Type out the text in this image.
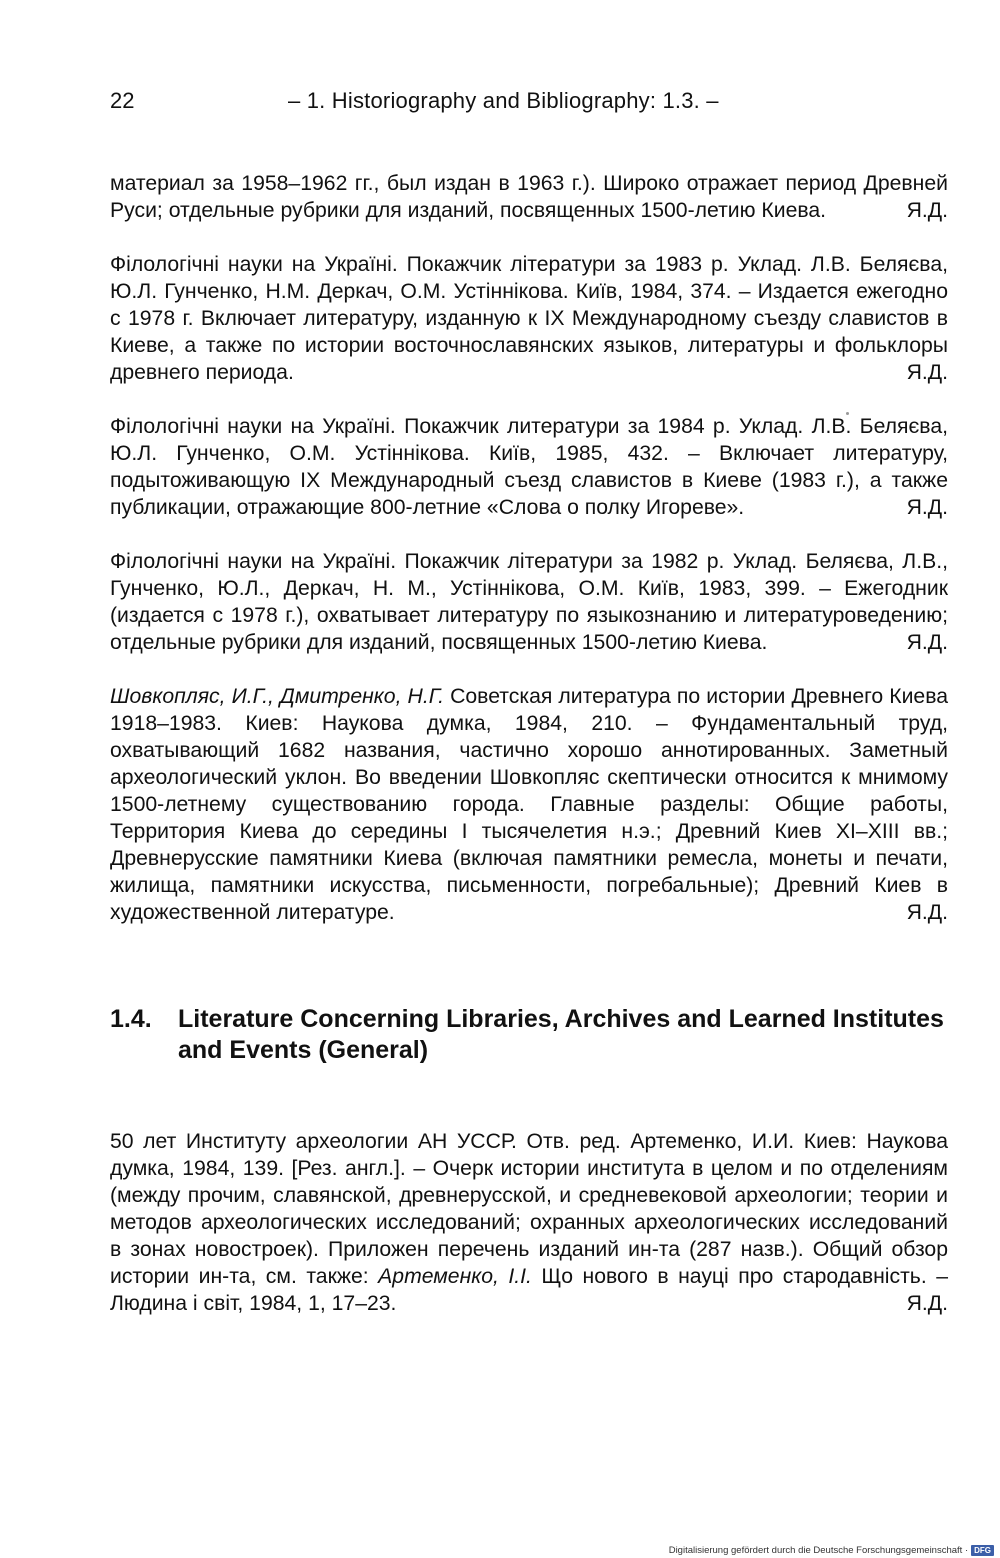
22	– 1. Historiography and Bibliography: 1.3. –

материал за 1958–1962 гг., был издан в 1963 г.). Широко отражает период Древней Руси; отдельные рубрики для изданий, посвященных 1500-летию Киева.	Я.Д.

Філологічні науки на Україні. Покажчик літератури за 1983 р. Уклад. Л.В. Беляєва, Ю.Л. Гунченко, Н.М. Деркач, О.М. Устіннікова. Київ, 1984, 374. – Издается ежегодно с 1978 г. Включает литературу, изданную к IX Международному съезду славистов в Киеве, а также по истории восточнославянских языков, литературы и фольклоры древнего периода.	Я.Д.

Філологічні науки на Україні. Покажчик литератури за 1984 р. Уклад. Л.В. Беляєва, Ю.Л. Гунченко, О.М. Устіннікова. Київ, 1985, 432. – Включает литературу, подытоживающую IX Международный съезд славистов в Киеве (1983 г.), а также публикации, отражающие 800-летние «Слова о полку Игореве».	Я.Д.

Філологічні науки на Україні. Покажчик літератури за 1982 р. Уклад. Беляєва, Л.В., Гунченко, Ю.Л., Деркач, Н. М., Устіннікова, О.М. Київ, 1983, 399. – Ежегодник (издается с 1978 г.), охватывает литературу по языкознанию и литературоведению; отдельные рубрики для изданий, посвященных 1500-летию Киева.	Я.Д.

Шовкопляс, И.Г., Дмитренко, Н.Г. Советская литература по истории Древнего Киева 1918–1983. Киев: Наукова думка, 1984, 210. – Фундаментальный труд, охватывающий 1682 названия, частично хорошо аннотированных. Заметный археологический уклон. Во введении Шовкопляс скептически относится к мнимому 1500-летнему существованию города. Главные разделы: Общие работы, Территория Киева до середины I тысячелетия н.э.; Древний Киев XI–XIII вв.; Древнерусские памятники Киева (включая памятники ремесла, монеты и печати, жилища, памятники искусства, письменности, погребальные); Древний Киев в художественной литературе.	Я.Д.

1.4.	Literature Concerning Libraries, Archives and Learned Institutes and Events (General)

50 лет Институту археологии АН УССР. Отв. ред. Артеменко, И.И. Киев: Наукова думка, 1984, 139. [Рез. англ.]. – Очерк истории института в целом и по отделениям (между прочим, славянской, древнерусской, и средневековой археологии; теории и методов археологических исследований; охранных археологических исследований в зонах новостроек). Приложен перечень изданий ин-та (287 назв.). Общий обзор истории ин-та, см. также: Артеменко, І.І. Що нового в науці про стародавність. – Людина і світ, 1984, 1, 17–23.	Я.Д.

Digitalisierung gefördert durch die Deutsche Forschungsgemeinschaft · DFG
